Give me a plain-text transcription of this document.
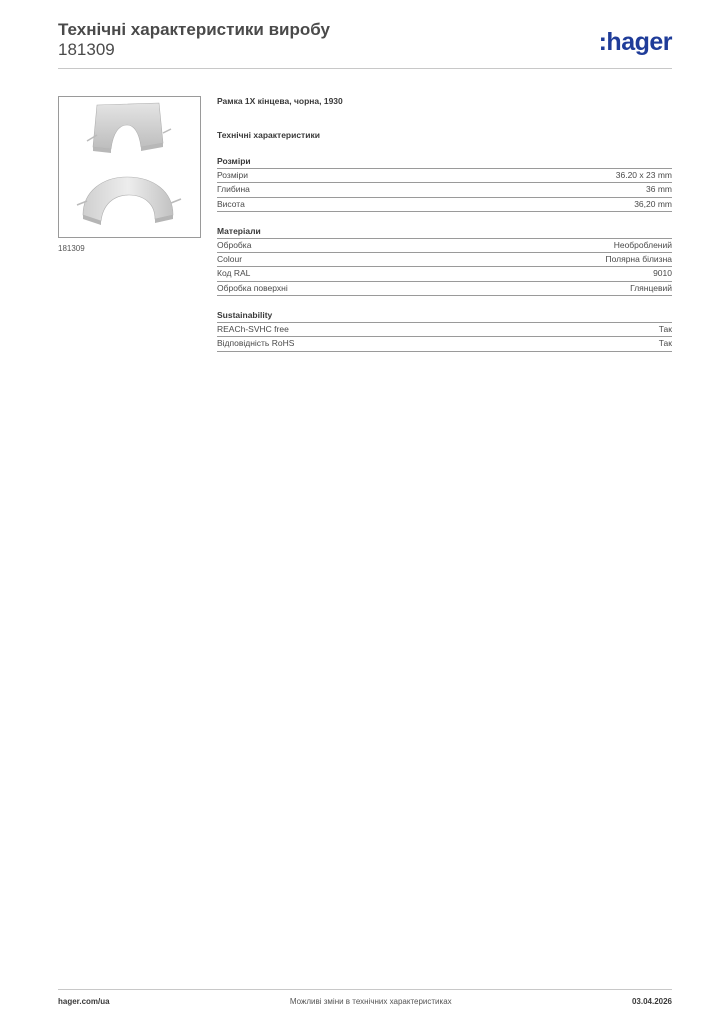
Технічні характеристики виробу
181309	:hager
181309
Рамка 1X кінцева, чорна, 1930
Технічні характеристики
Розміри
Розміри	36.20 x 23 mm
Глибина	36 mm
Висота	36,20 mm
Матеріали
Обробка	Необроблений
Colour	Полярна білизна
Код RAL	9010
Обробка поверхні	Глянцевий
Sustainability
REACh-SVHC free	Так
Відповідність RoHS	Так
hager.com/ua	Можливі зміни в технічних характеристиках	03.04.2026
